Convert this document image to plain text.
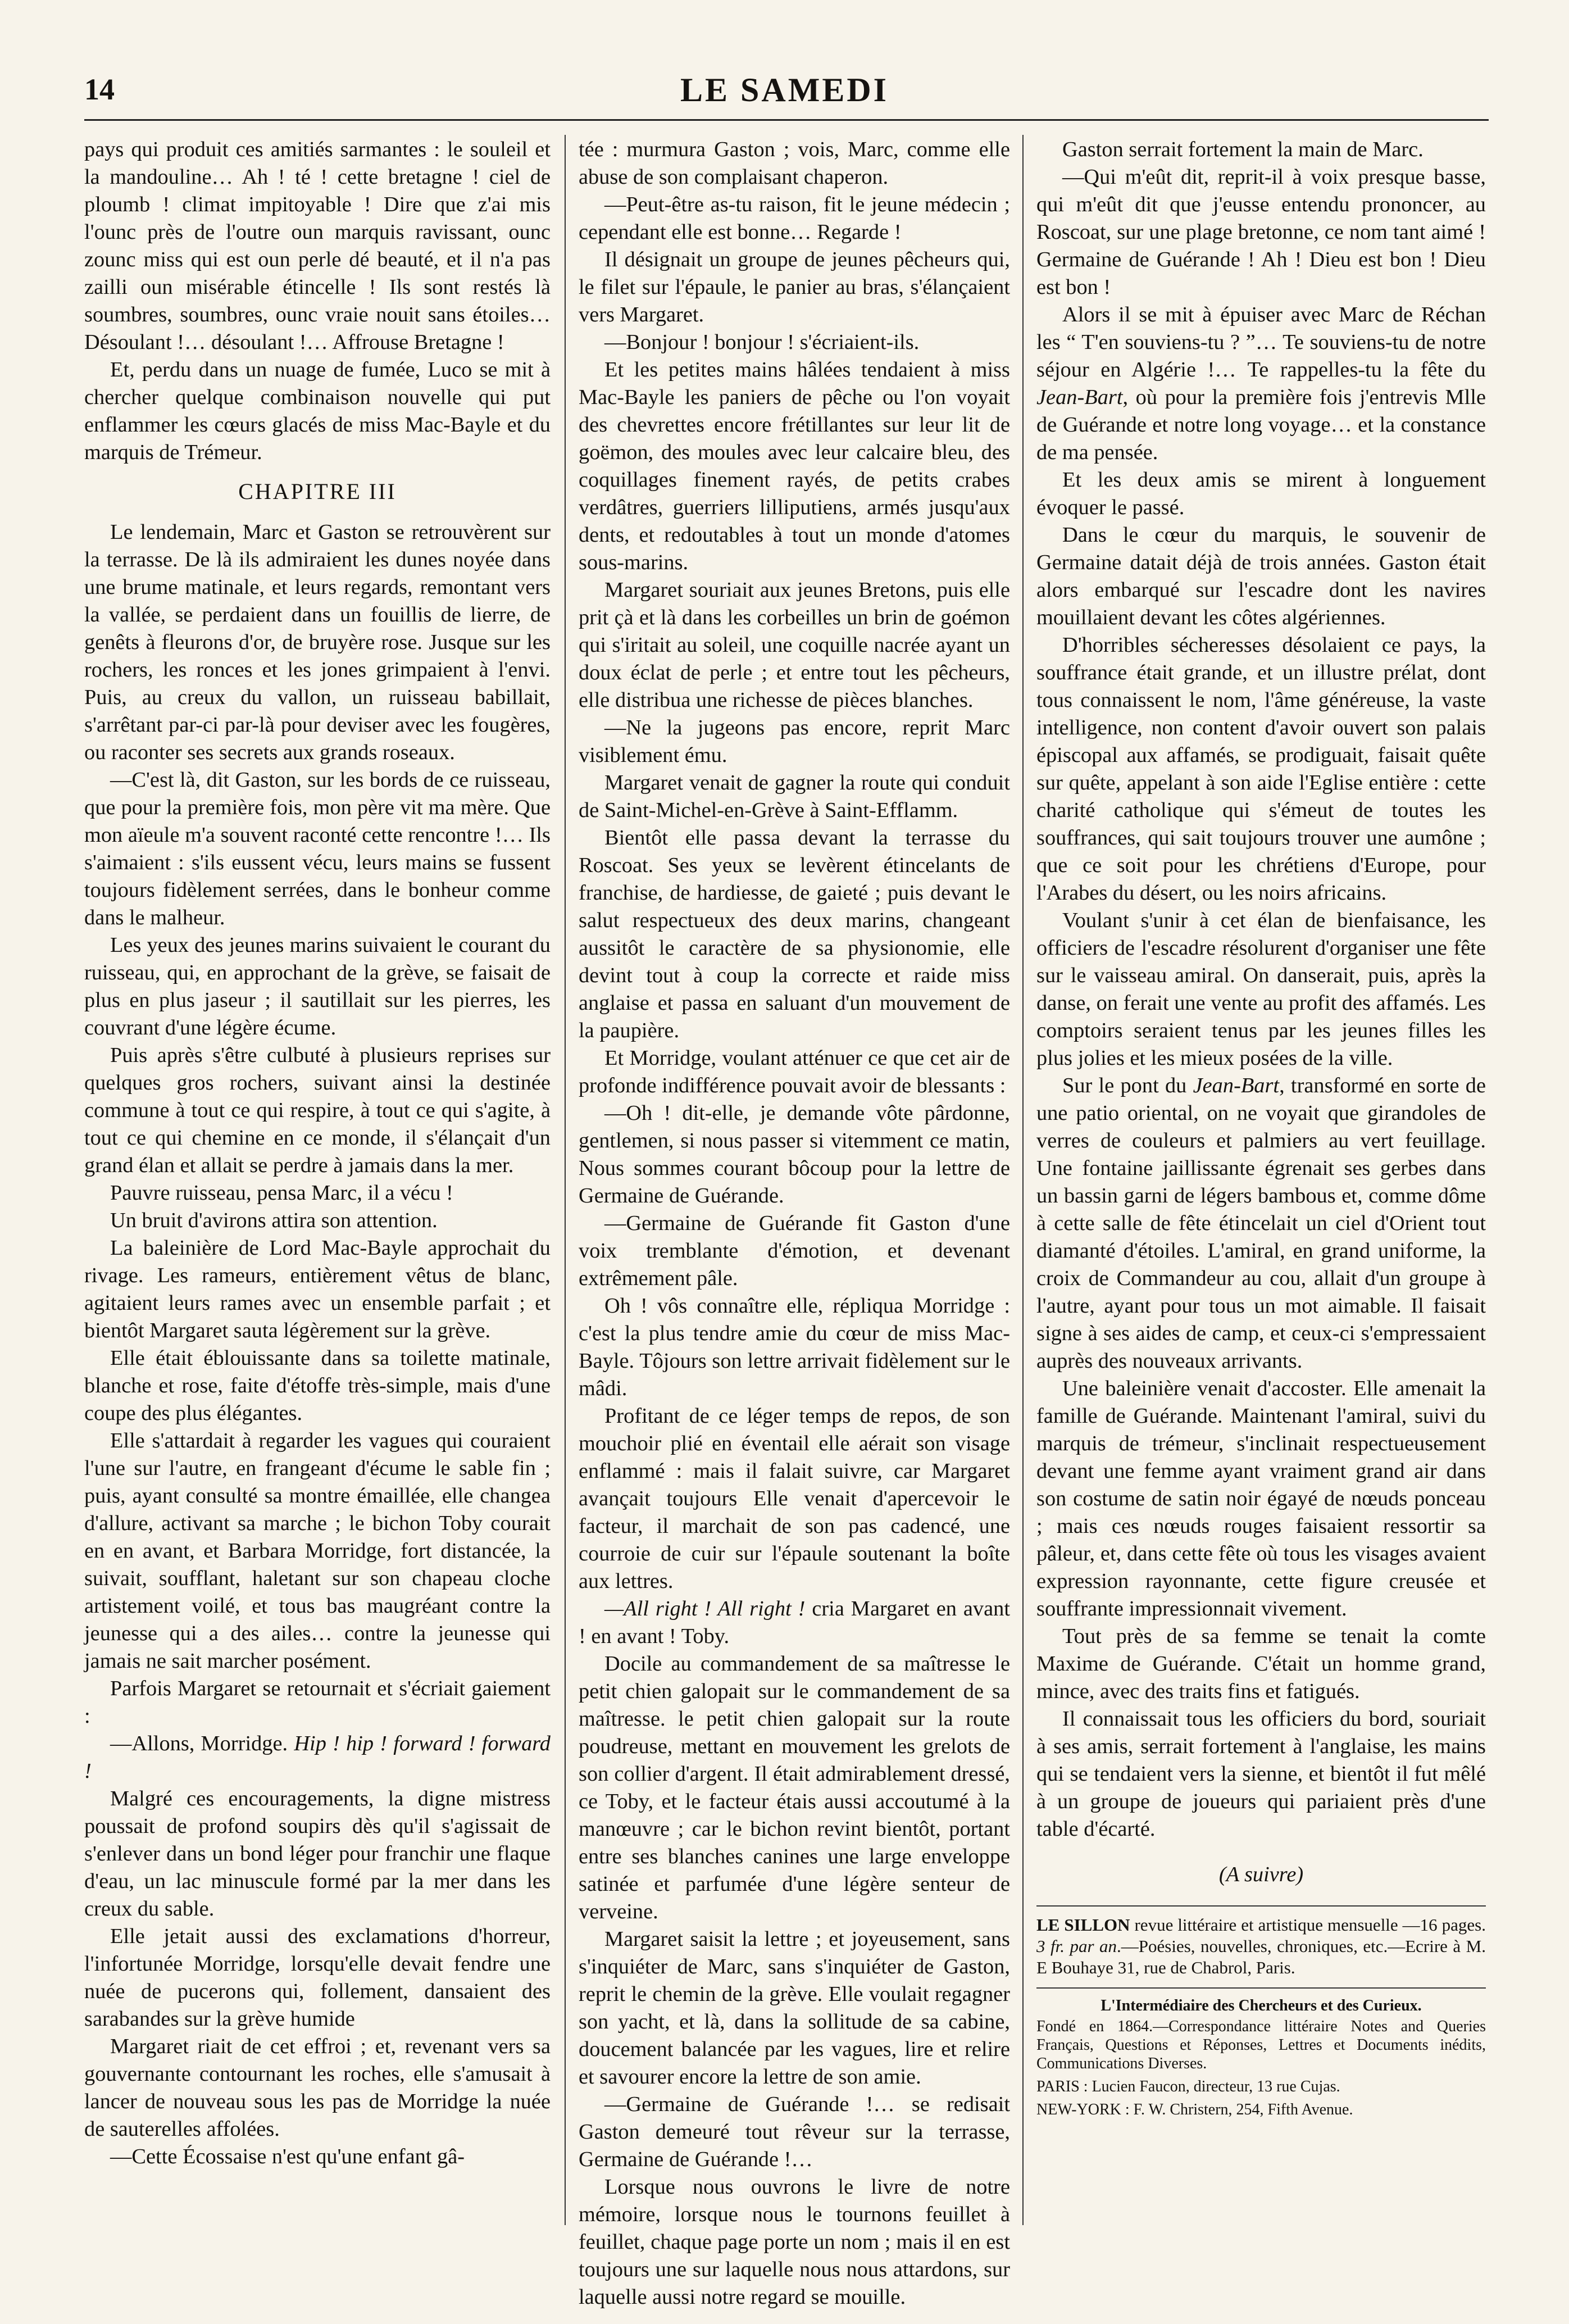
14	LE SAMEDI

pays qui produit ces amitiés sarmantes : le souleil et la mandouline… Ah ! té ! cette bretagne ! ciel de ploumb ! climat impitoyable ! Dire que z'ai mis l'ounc près de l'outre oun marquis ravissant, ounc zounc miss qui est oun perle dé beauté, et il n'a pas zailli oun misérable étincelle ! Ils sont restés là soumbres, soumbres, ounc vraie nouit sans étoiles… Désoulant !… désoulant !… Affrouse Bretagne !

Et, perdu dans un nuage de fumée, Luco se mit à chercher quelque combinaison nouvelle qui put enflammer les cœurs glacés de miss Mac-Bayle et du marquis de Trémeur.

CHAPITRE III

Le lendemain, Marc et Gaston se retrouvèrent sur la terrasse. De là ils admiraient les dunes noyée dans une brume matinale, et leurs regards, remontant vers la vallée, se perdaient dans un fouillis de lierre, de genêts à fleurons d'or, de bruyère rose. Jusque sur les rochers, les ronces et les jones grimpaient à l'envi. Puis, au creux du vallon, un ruisseau babillait, s'arrêtant par-ci par-là pour deviser avec les fougères, ou raconter ses secrets aux grands roseaux.

—C'est là, dit Gaston, sur les bords de ce ruisseau, que pour la première fois, mon père vit ma mère. Que mon aïeule m'a souvent raconté cette rencontre !… Ils s'aimaient : s'ils eussent vécu, leurs mains se fussent toujours fidèlement serrées, dans le bonheur comme dans le malheur.

Les yeux des jeunes marins suivaient le courant du ruisseau, qui, en approchant de la grève, se faisait de plus en plus jaseur ; il sautillait sur les pierres, les couvrant d'une légère écume.

Puis après s'être culbuté à plusieurs reprises sur quelques gros rochers, suivant ainsi la destinée commune à tout ce qui respire, à tout ce qui s'agite, à tout ce qui chemine en ce monde, il s'élançait d'un grand élan et allait se perdre à jamais dans la mer.

Pauvre ruisseau, pensa Marc, il a vécu !

Un bruit d'avirons attira son attention.

La baleinière de Lord Mac-Bayle approchait du rivage. Les rameurs, entièrement vêtus de blanc, agitaient leurs rames avec un ensemble parfait ; et bientôt Margaret sauta légèrement sur la grève.

Elle était éblouissante dans sa toilette matinale, blanche et rose, faite d'étoffe très-simple, mais d'une coupe des plus élégantes.

Elle s'attardait à regarder les vagues qui couraient l'une sur l'autre, en frangeant d'écume le sable fin ; puis, ayant consulté sa montre émaillée, elle changea d'allure, activant sa marche ; le bichon Toby courait en en avant, et Barbara Morridge, fort distancée, la suivait, soufflant, haletant sur son chapeau cloche artistement voilé, et tous bas maugréant contre la jeunesse qui a des ailes… contre la jeunesse qui jamais ne sait marcher posément.

Parfois Margaret se retournait et s'écriait gaiement :

—Allons, Morridge. Hip ! hip ! forward ! forward !

Malgré ces encouragements, la digne mistress poussait de profond soupirs dès qu'il s'agissait de s'enlever dans un bond léger pour franchir une flaque d'eau, un lac minuscule formé par la mer dans les creux du sable.

Elle jetait aussi des exclamations d'horreur, l'infortunée Morridge, lorsqu'elle devait fendre une nuée de pucerons qui, follement, dansaient des sarabandes sur la grève humide

Margaret riait de cet effroi ; et, revenant vers sa gouvernante contournant les roches, elle s'amusait à lancer de nouveau sous les pas de Morridge la nuée de sauterelles affolées.

—Cette Écossaise n'est qu'une enfant gâ-

tée : murmura Gaston ; vois, Marc, comme elle abuse de son complaisant chaperon.

—Peut-être as-tu raison, fit le jeune médecin ; cependant elle est bonne… Regarde !

Il désignait un groupe de jeunes pêcheurs qui, le filet sur l'épaule, le panier au bras, s'élançaient vers Margaret.

—Bonjour ! bonjour ! s'écriaient-ils.

Et les petites mains hâlées tendaient à miss Mac-Bayle les paniers de pêche ou l'on voyait des chevrettes encore frétillantes sur leur lit de goëmon, des moules avec leur calcaire bleu, des coquillages finement rayés, de petits crabes verdâtres, guerriers lilliputiens, armés jusqu'aux dents, et redoutables à tout un monde d'atomes sous-marins.

Margaret souriait aux jeunes Bretons, puis elle prit çà et là dans les corbeilles un brin de goémon qui s'iritait au soleil, une coquille nacrée ayant un doux éclat de perle ; et entre tout les pêcheurs, elle distribua une richesse de pièces blanches.

—Ne la jugeons pas encore, reprit Marc visiblement ému.

Margaret venait de gagner la route qui conduit de Saint-Michel-en-Grève à Saint-Efflamm.

Bientôt elle passa devant la terrasse du Roscoat. Ses yeux se levèrent étincelants de franchise, de hardiesse, de gaieté ; puis devant le salut respectueux des deux marins, changeant aussitôt le caractère de sa physionomie, elle devint tout à coup la correcte et raide miss anglaise et passa en saluant d'un mouvement de la paupière.

Et Morridge, voulant atténuer ce que cet air de profonde indifférence pouvait avoir de blessants :

—Oh ! dit-elle, je demande vôte pârdonne, gentlemen, si nous passer si vitemment ce matin, Nous sommes courant bôcoup pour la lettre de Germaine de Guérande.

—Germaine de Guérande fit Gaston d'une voix tremblante d'émotion, et devenant extrêmement pâle.

Oh ! vôs connaître elle, répliqua Morridge : c'est la plus tendre amie du cœur de miss Mac-Bayle. Tôjours son lettre arrivait fidèlement sur le mâdi.

Profitant de ce léger temps de repos, de son mouchoir plié en éventail elle aérait son visage enflammé : mais il falait suivre, car Margaret avançait toujours Elle venait d'apercevoir le facteur, il marchait de son pas cadencé, une courroie de cuir sur l'épaule soutenant la boîte aux lettres.

—All right ! All right ! cria Margaret en avant ! en avant ! Toby.

Docile au commandement de sa maîtresse le petit chien galopait sur le commandement de sa maîtresse. le petit chien galopait sur la route poudreuse, mettant en mouvement les grelots de son collier d'argent. Il était admirablement dressé, ce Toby, et le facteur étais aussi accoutumé à la manœuvre ; car le bichon revint bientôt, portant entre ses blanches canines une large enveloppe satinée et parfumée d'une légère senteur de verveine.

Margaret saisit la lettre ; et joyeusement, sans s'inquiéter de Marc, sans s'inquiéter de Gaston, reprit le chemin de la grève. Elle voulait regagner son yacht, et là, dans la sollitude de sa cabine, doucement balancée par les vagues, lire et relire et savourer encore la lettre de son amie.

—Germaine de Guérande !… se redisait Gaston demeuré tout rêveur sur la terrasse, Germaine de Guérande !…

Lorsque nous ouvrons le livre de notre mémoire, lorsque nous le tournons feuillet à feuillet, chaque page porte un nom ; mais il en est toujours une sur laquelle nous nous attardons, sur laquelle aussi notre regard se mouille.

Gaston serrait fortement la main de Marc.

—Qui m'eût dit, reprit-il à voix presque basse, qui m'eût dit que j'eusse entendu prononcer, au Roscoat, sur une plage bretonne, ce nom tant aimé ! Germaine de Guérande ! Ah ! Dieu est bon ! Dieu est bon !

Alors il se mit à épuiser avec Marc de Réchan les “ T'en souviens-tu ? ”… Te souviens-tu de notre séjour en Algérie !… Te rappelles-tu la fête du Jean-Bart, où pour la première fois j'entrevis Mlle de Guérande et notre long voyage… et la constance de ma pensée.

Et les deux amis se mirent à longuement évoquer le passé.

Dans le cœur du marquis, le souvenir de Germaine datait déjà de trois années. Gaston était alors embarqué sur l'escadre dont les navires mouillaient devant les côtes algériennes.

D'horribles sécheresses désolaient ce pays, la souffrance était grande, et un illustre prélat, dont tous connaissent le nom, l'âme généreuse, la vaste intelligence, non content d'avoir ouvert son palais épiscopal aux affamés, se prodiguait, faisait quête sur quête, appelant à son aide l'Eglise entière : cette charité catholique qui s'émeut de toutes les souffrances, qui sait toujours trouver une aumône ; que ce soit pour les chrétiens d'Europe, pour l'Arabes du désert, ou les noirs africains.

Voulant s'unir à cet élan de bienfaisance, les officiers de l'escadre résolurent d'organiser une fête sur le vaisseau amiral. On danserait, puis, après la danse, on ferait une vente au profit des affamés. Les comptoirs seraient tenus par les jeunes filles les plus jolies et les mieux posées de la ville.

Sur le pont du Jean-Bart, transformé en sorte de une patio oriental, on ne voyait que girandoles de verres de couleurs et palmiers au vert feuillage. Une fontaine jaillissante égrenait ses gerbes dans un bassin garni de légers bambous et, comme dôme à cette salle de fête étincelait un ciel d'Orient tout diamanté d'étoiles. L'amiral, en grand uniforme, la croix de Commandeur au cou, allait d'un groupe à l'autre, ayant pour tous un mot aimable. Il faisait signe à ses aides de camp, et ceux-ci s'empressaient auprès des nouveaux arrivants.

Une baleinière venait d'accoster. Elle amenait la famille de Guérande. Maintenant l'amiral, suivi du marquis de trémeur, s'inclinait respectueusement devant une femme ayant vraiment grand air dans son costume de satin noir égayé de nœuds ponceau ; mais ces nœuds rouges faisaient ressortir sa pâleur, et, dans cette fête où tous les visages avaient expression rayonnante, cette figure creusée et souffrante impressionnait vivement.

Tout près de sa femme se tenait la comte Maxime de Guérande. C'était un homme grand, mince, avec des traits fins et fatigués.

Il connaissait tous les officiers du bord, souriait à ses amis, serrait fortement à l'anglaise, les mains qui se tendaient vers la sienne, et bientôt il fut mêlé à un groupe de joueurs qui pariaient près d'une table d'écarté.

(A suivre)

LE SILLON revue littéraire et artistique mensuelle —16 pages. 3 fr. par an.—Poésies, nouvelles, chroniques, etc.—Ecrire à M. E Bouhaye 31, rue de Chabrol, Paris.

L'Intermédiaire des Chercheurs et des Curieux.

Fondé en 1864.—Correspondance littéraire Notes and Queries Français, Questions et Réponses, Lettres et Documents inédits, Communications Diverses.

PARIS : Lucien Faucon, directeur, 13 rue Cujas.

NEW-YORK : F. W. Christern, 254, Fifth Avenue.
